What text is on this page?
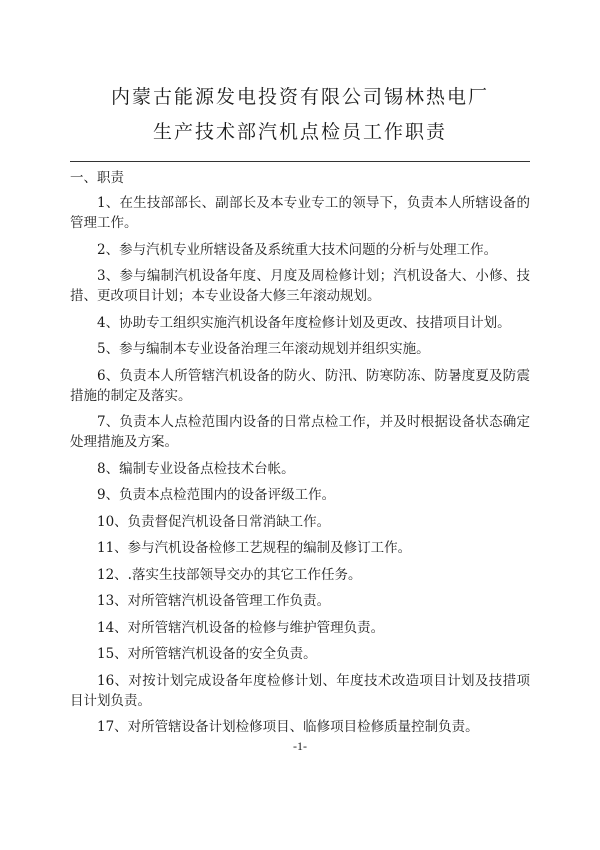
内蒙古能源发电投资有限公司锡林热电厂
生产技术部汽机点检员工作职责
一、职责

1、在生技部部长、副部长及本专业专工的领导下，负责本人所辖设备的管理工作。

2、参与汽机专业所辖设备及系统重大技术问题的分析与处理工作。

3、参与编制汽机设备年度、月度及周检修计划；汽机设备大、小修、技措、更改项目计划；本专业设备大修三年滚动规划。

4、协助专工组织实施汽机设备年度检修计划及更改、技措项目计划。

5、参与编制本专业设备治理三年滚动规划并组织实施。

6、负责本人所管辖汽机设备的防火、防汛、防寒防冻、防暑度夏及防震措施的制定及落实。

7、负责本人点检范围内设备的日常点检工作，并及时根据设备状态确定处理措施及方案。

8、编制专业设备点检技术台帐。

9、负责本点检范围内的设备评级工作。

10、负责督促汽机设备日常消缺工作。

11、参与汽机设备检修工艺规程的编制及修订工作。

12、.落实生技部领导交办的其它工作任务。

13、对所管辖汽机设备管理工作负责。

14、对所管辖汽机设备的检修与维护管理负责。

15、对所管辖汽机设备的安全负责。

16、对按计划完成设备年度检修计划、年度技术改造项目计划及技措项目计划负责。

17、对所管辖设备计划检修项目、临修项目检修质量控制负责。

-1-
